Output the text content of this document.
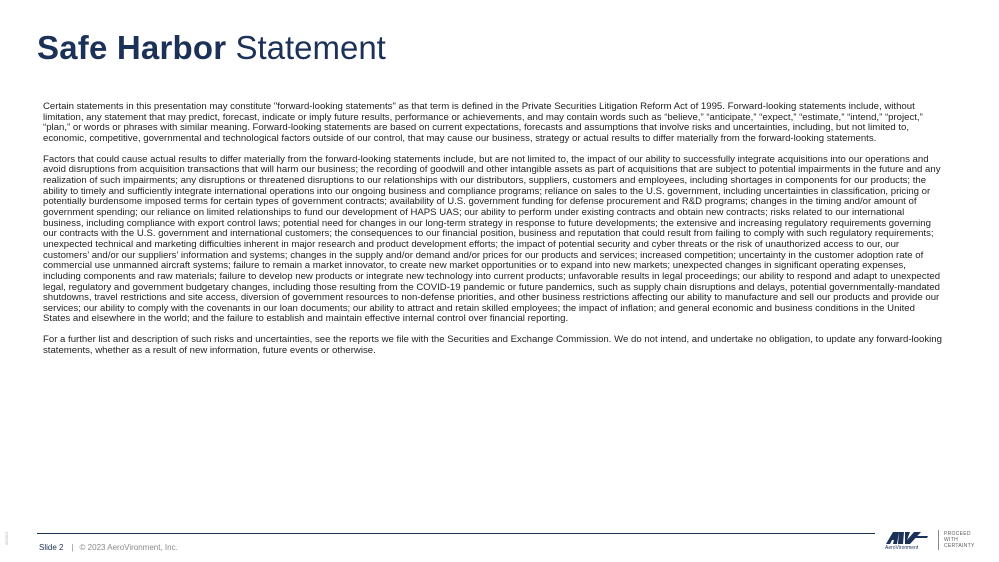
Safe Harbor Statement

Certain statements in this presentation may constitute "forward-looking statements" as that term is defined in the Private Securities Litigation Reform Act of 1995. Forward-looking statements include, without limitation, any statement that may predict, forecast, indicate or imply future results, performance or achievements, and may contain words such as “believe,” “anticipate,” “expect,” “estimate,” “intend,” “project,” “plan,” or words or phrases with similar meaning. Forward-looking statements are based on current expectations, forecasts and assumptions that involve risks and uncertainties, including, but not limited to, economic, competitive, governmental and technological factors outside of our control, that may cause our business, strategy or actual results to differ materially from the forward-looking statements.

Factors that could cause actual results to differ materially from the forward-looking statements include, but are not limited to, the impact of our ability to successfully integrate acquisitions into our operations and avoid disruptions from acquisition transactions that will harm our business; the recording of goodwill and other intangible assets as part of acquisitions that are subject to potential impairments in the future and any realization of such impairments; any disruptions or threatened disruptions to our relationships with our distributors, suppliers, customers and employees, including shortages in components for our products; the ability to timely and sufficiently integrate international operations into our ongoing business and compliance programs; reliance on sales to the U.S. government, including uncertainties in classification, pricing or potentially burdensome imposed terms for certain types of government contracts; availability of U.S. government funding for defense procurement and R&D programs; changes in the timing and/or amount of government spending; our reliance on limited relationships to fund our development of HAPS UAS; our ability to perform under existing contracts and obtain new contracts; risks related to our international business, including compliance with export control laws; potential need for changes in our long-term strategy in response to future developments; the extensive and increasing regulatory requirements governing our contracts with the U.S. government and international customers; the consequences to our financial position, business and reputation that could result from failing to comply with such regulatory requirements; unexpected technical and marketing difficulties inherent in major research and product development efforts; the impact of potential security and cyber threats or the risk of unauthorized access to our, our customers’ and/or our suppliers’ information and systems; changes in the supply and/or demand and/or prices for our products and services; increased competition; uncertainty in the customer adoption rate of commercial use unmanned aircraft systems; failure to remain a market innovator, to create new market opportunities or to expand into new markets; unexpected changes in significant operating expenses, including components and raw materials; failure to develop new products or integrate new technology into current products; unfavorable results in legal proceedings; our ability to respond and adapt to unexpected legal, regulatory and government budgetary changes, including those resulting from the COVID-19 pandemic or future pandemics, such as supply chain disruptions and delays, potential governmentally-mandated shutdowns, travel restrictions and site access, diversion of government resources to non-defense priorities, and other business restrictions affecting our ability to manufacture and sell our products and provide our services; our ability to comply with the covenants in our loan documents; our ability to attract and retain skilled employees; the impact of inflation; and general economic and business conditions in the United States and elsewhere in the world; and the failure to establish and maintain effective internal control over financial reporting.

For a further list and description of such risks and uncertainties, see the reports we file with the Securities and Exchange Commission. We do not intend, and undertake no obligation, to update any forward-looking statements, whether as a result of new information, future events or otherwise.

062023
Slide 2 | © 2023 AeroVironment, Inc.	AeroVironment
PROCEED
WITH
CERTAINTY
